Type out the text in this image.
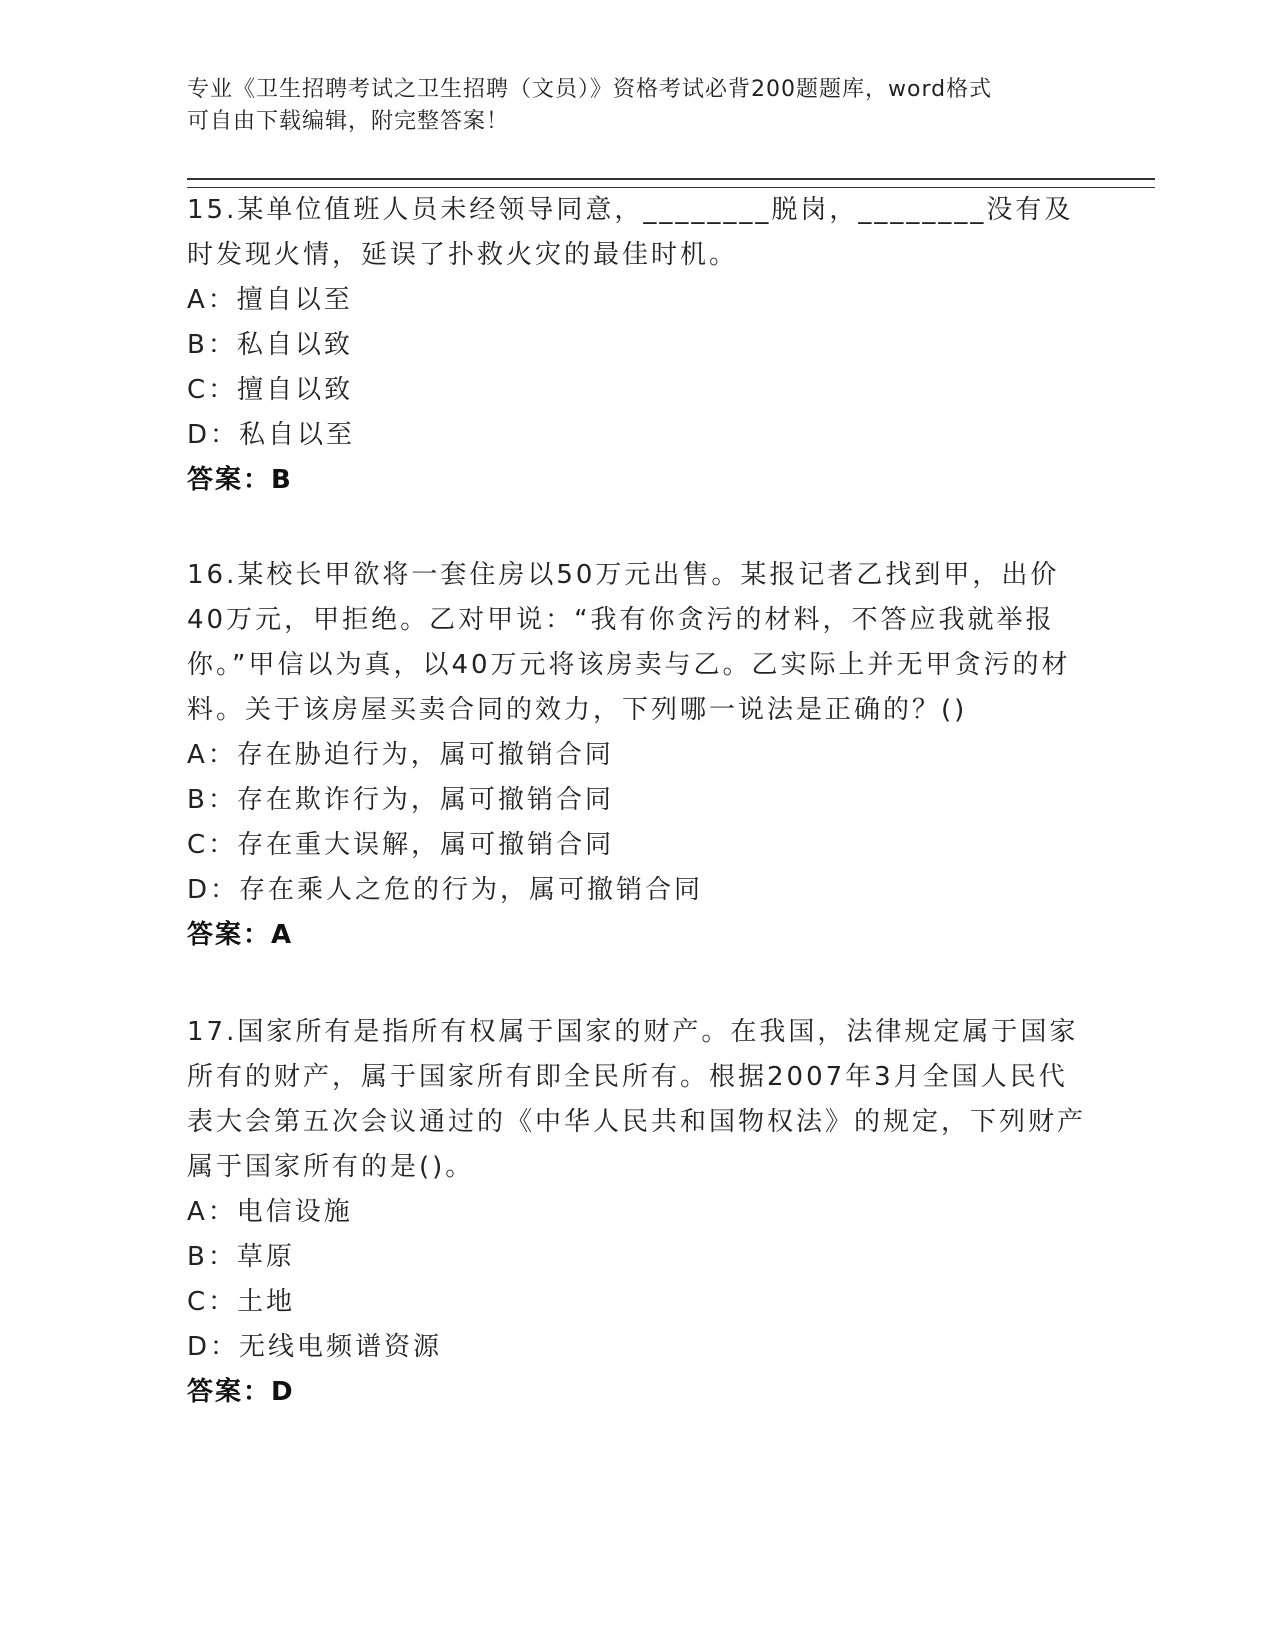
专业《卫生招聘考试之卫生招聘（文员）》资格考试必背200题题库，word格式
可自由下载编辑，附完整答案！

15.某单位值班人员未经领导同意，________脱岗，________没有及时发现火情，延误了扑救火灾的最佳时机。

A：擅自以至

B：私自以致

C：擅自以致

D：私自以至

答案：B

16.某校长甲欲将一套住房以50万元出售。某报记者乙找到甲，出价40万元，甲拒绝。乙对甲说：“我有你贪污的材料，不答应我就举报你。”甲信以为真，以40万元将该房卖与乙。乙实际上并无甲贪污的材料。关于该房屋买卖合同的效力，下列哪一说法是正确的？()

A：存在胁迫行为，属可撤销合同

B：存在欺诈行为，属可撤销合同

C：存在重大误解，属可撤销合同

D：存在乘人之危的行为，属可撤销合同

答案：A

17.国家所有是指所有权属于国家的财产。在我国，法律规定属于国家所有的财产，属于国家所有即全民所有。根据2007年3月全国人民代表大会第五次会议通过的《中华人民共和国物权法》的规定，下列财产属于国家所有的是()。

A：电信设施

B：草原

C：土地

D：无线电频谱资源

答案：D
